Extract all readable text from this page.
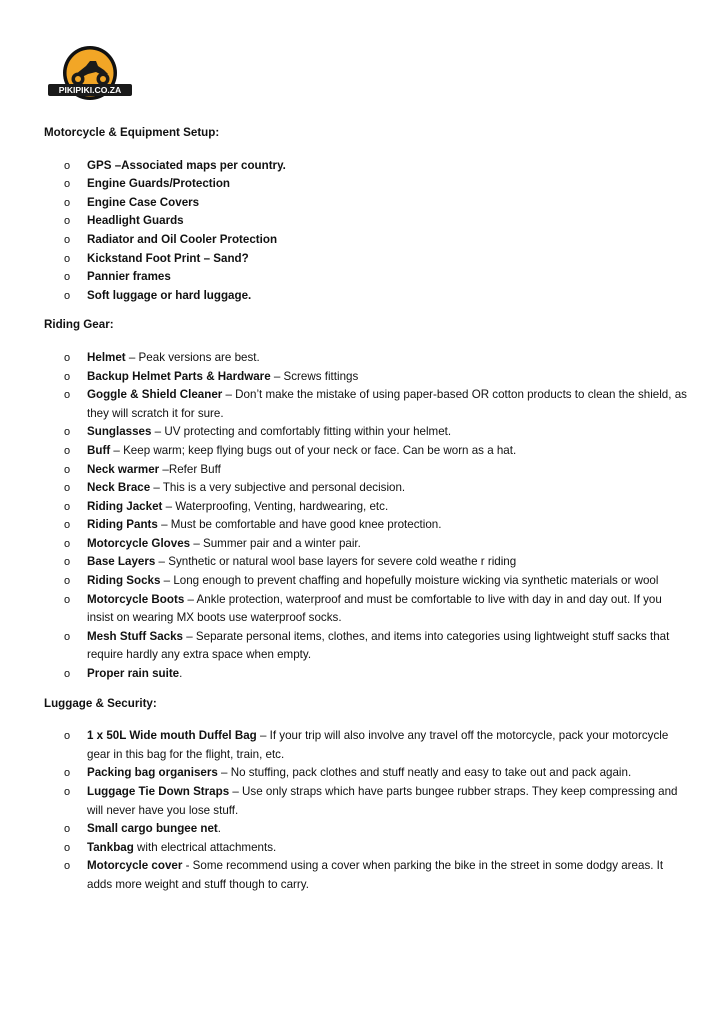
PIKIPIKI.CO.ZA
Motorcycle & Equipment Setup:
o	GPS –Associated maps per country.
o	Engine Guards/Protection
o	Engine Case Covers
o	Headlight Guards
o	Radiator and Oil Cooler Protection
o	Kickstand Foot Print – Sand?
o	Pannier frames
o	Soft luggage or hard luggage.
Riding Gear:
o	Helmet – Peak versions are best.
o	Backup Helmet Parts & Hardware – Screws fittings
o	Goggle & Shield Cleaner – Don’t make the mistake of using paper-based OR cotton products to clean the shield, as they will scratch it for sure.
o	Sunglasses – UV protecting and comfortably fitting within your helmet.
o	Buff – Keep warm; keep flying bugs out of your neck or face. Can be worn as a hat.
o	Neck warmer –Refer Buff
o	Neck Brace – This is a very subjective and personal decision.
o	Riding Jacket – Waterproofing, Venting, hardwearing, etc.
o	Riding Pants – Must be comfortable and have good knee protection.
o	Motorcycle Gloves – Summer pair and a winter pair.
o	Base Layers – Synthetic or natural wool base layers for severe cold weathe r riding
o	Riding Socks – Long enough to prevent chaffing and hopefully moisture wicking via synthetic materials or wool
o	Motorcycle Boots – Ankle protection, waterproof and must be comfortable to live with day in and day out. If you insist on wearing MX boots use waterproof socks.
o	Mesh Stuff Sacks – Separate personal items, clothes, and items into categories using lightweight stuff sacks that require hardly any extra space when empty.
o	Proper rain suite.
Luggage & Security:
o	1 x 50L Wide mouth Duffel Bag – If your trip will also involve any travel off the motorcycle, pack your motorcycle gear in this bag for the flight, train, etc.
o	Packing bag organisers – No stuffing, pack clothes and stuff neatly and easy to take out and pack again.
o	Luggage Tie Down Straps – Use only straps which have parts bungee rubber straps. They keep compressing and will never have you lose stuff.
o	Small cargo bungee net.
o	Tankbag with electrical attachments.
o	Motorcycle cover - Some recommend using a cover when parking the bike in the street in some dodgy areas. It adds more weight and stuff though to carry.
